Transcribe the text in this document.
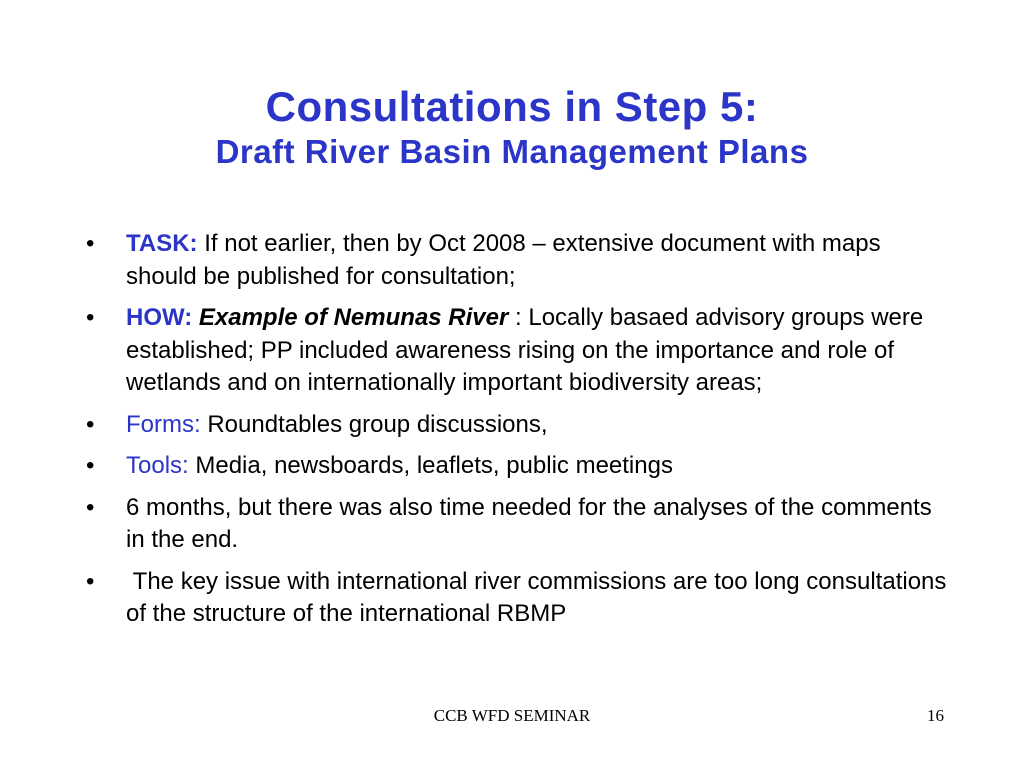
Consultations in Step 5:
Draft River Basin Management Plans
• TASK: If not earlier, then by Oct 2008 – extensive document with maps should be published for consultation;
• HOW: Example of Nemunas River : Locally basaed advisory groups were established; PP included awareness rising on the importance and role of wetlands and on internationally important biodiversity areas;
• Forms: Roundtables group discussions,
• Tools: Media, newsboards, leaflets, public meetings
• 6 months, but there was also time needed for the analyses of the comments in the end.
• The key issue with international river commissions are too long consultations of the structure of the international RBMP
CCB WFD SEMINAR	16
